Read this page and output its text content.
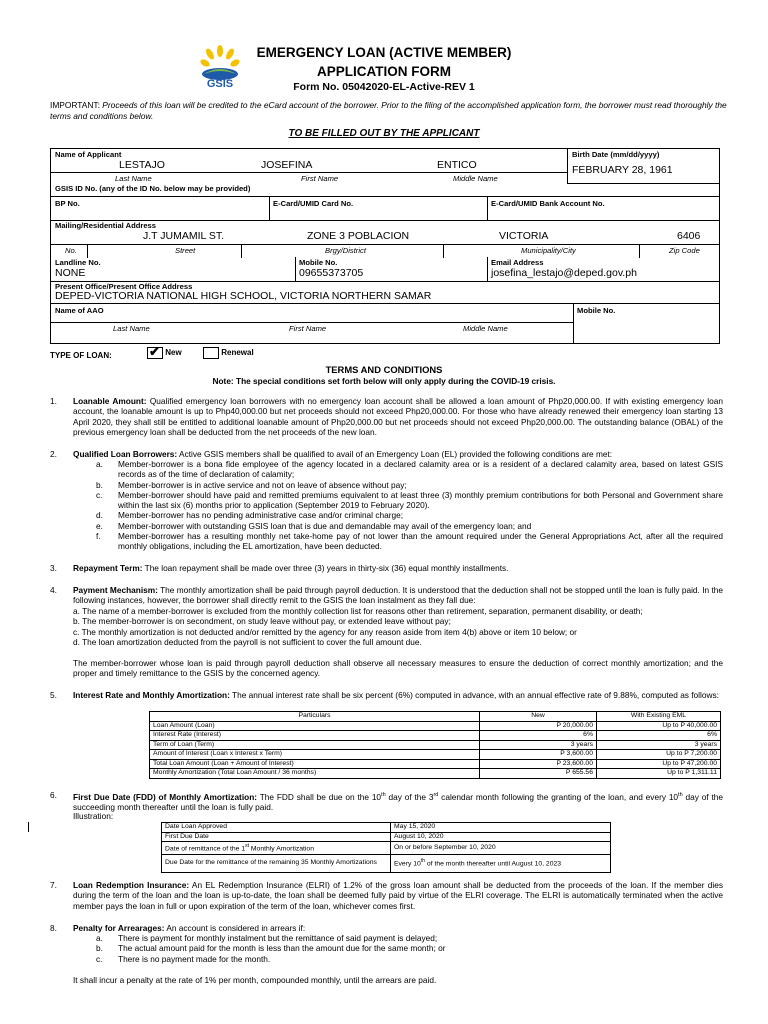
GSIS
EMERGENCY LOAN (ACTIVE MEMBER)
APPLICATION FORM
Form No. 05042020-EL-Active-REV 1
IMPORTANT: Proceeds of this loan will be credited to the eCard account of the borrower. Prior to the filing of the accomplished application form, the borrower must read thoroughly the terms and conditions below.
TO BE FILLED OUT BY THE APPLICANT
Name of Applicant
LESTAJO	JOSEFINA	ENTICO
Last Name	First Name	Middle Name
Birth Date (mm/dd/yyyy)
FEBRUARY 28, 1961
GSIS ID No. (any of the ID No. below may be provided)
BP No.	E-Card/UMID Card No.	E-Card/UMID Bank Account No.
Mailing/Residential Address
J.T JUMAMIL ST.	ZONE 3 POBLACION	VICTORIA	6406
No.	Street	Brgy/District	Municipality/City	Zip Code
Landline No.
NONE
Mobile No.
09655373705
Email Address
josefina_lestajo@deped.gov.ph
Present Office/Present Office Address
DEPED-VICTORIA NATIONAL HIGH SCHOOL, VICTORIA NORTHERN SAMAR
Name of AAO	Mobile No.
Last Name	First Name	Middle Name
TYPE OF LOAN:	✔ New	Renewal
TERMS AND CONDITIONS
Note: The special conditions set forth below will only apply during the COVID-19 crisis.
1. Loanable Amount: Qualified emergency loan borrowers with no emergency loan account shall be allowed a loan amount of Php20,000.00. If with existing emergency loan account, the loanable amount is up to Php40,000.00 but net proceeds should not exceed Php20,000.00. For those who have already renewed their emergency loan starting 13 April 2020, they shall still be entitled to additional loanable amount of Php20,000.00 but net proceeds should not exceed Php20,000.00. The outstanding balance (OBAL) of the previous emergency loan shall be deducted from the net proceeds of the new loan.
2. Qualified Loan Borrowers: Active GSIS members shall be qualified to avail of an Emergency Loan (EL) provided the following conditions are met:
a.	Member-borrower is a bona fide employee of the agency located in a declared calamity area or is a resident of a declared calamity area, based on latest GSIS records as of the time of declaration of calamity;
b.	Member-borrower is in active service and not on leave of absence without pay;
c.	Member-borrower should have paid and remitted premiums equivalent to at least three (3) monthly premium contributions for both Personal and Government share within the last six (6) months prior to application (September 2019 to February 2020).
d.	Member-borrower has no pending administrative case and/or criminal charge;
e.	Member-borrower with outstanding GSIS loan that is due and demandable may avail of the emergency loan; and
f.	Member-borrower has a resulting monthly net take-home pay of not lower than the amount required under the General Appropriations Act, after all the required monthly obligations, including the EL amortization, have been deducted.
3. Repayment Term: The loan repayment shall be made over three (3) years in thirty-six (36) equal monthly installments.
4. Payment Mechanism: The monthly amortization shall be paid through payroll deduction. It is understood that the deduction shall not be stopped until the loan is fully paid. In the following instances, however, the borrower shall directly remit to the GSIS the loan instalment as they fall due:
a. The name of a member-borrower is excluded from the monthly collection list for reasons other than retirement, separation, permanent disability, or death;
b. The member-borrower is on secondment, on study leave without pay, or extended leave without pay;
c. The monthly amortization is not deducted and/or remitted by the agency for any reason aside from item 4(b) above or item 10 below; or
d. The loan amortization deducted from the payroll is not sufficient to cover the full amount due.
The member-borrower whose loan is paid through payroll deduction shall observe all necessary measures to ensure the deduction of correct monthly amortization; and the proper and timely remittance to the GSIS by the concerned agency.
5. Interest Rate and Monthly Amortization: The annual interest rate shall be six percent (6%) computed in advance, with an annual effective rate of 9.88%, computed as follows:
Particulars	New	With Existing EML
Loan Amount (Loan)	P 20,000.00	Up to P 40,000.00
Interest Rate (Interest)	6%	6%
Term of Loan (Term)	3 years	3 years
Amount of Interest (Loan x Interest x Term)	P 3,600.00	Up to P 7,200.00
Total Loan Amount (Loan + Amount of Interest)	P 23,600.00	Up to P 47,200.00
Monthly Amortization (Total Loan Amount / 36 months)	P 655.56	Up to P 1,311.11
6. First Due Date (FDD) of Monthly Amortization: The FDD shall be due on the 10th day of the 3rd calendar month following the granting of the loan, and every 10th day of the succeeding month thereafter until the loan is fully paid.
Illustration:
Date Loan Approved	May 15, 2020
First Due Date	August 10, 2020
Date of remittance of the 1st Monthly Amortization	On or before September 10, 2020
Due Date for the remittance of the remaining 35 Monthly Amortizations	Every 10th of the month thereafter until August 10, 2023
7. Loan Redemption Insurance: An EL Redemption Insurance (ELRI) of 1.2% of the gross loan amount shall be deducted from the proceeds of the loan. If the member dies during the term of the loan and the loan is up-to-date, the loan shall be deemed fully paid by virtue of the ELRI coverage. The ELRI is automatically terminated when the active member pays the loan in full or upon expiration of the term of the loan, whichever comes first.
8. Penalty for Arrearages: An account is considered in arrears if:
a.	There is payment for monthly instalment but the remittance of said payment is delayed;
b.	The actual amount paid for the month is less than the amount due for the same month; or
c.	There is no payment made for the month.
It shall incur a penalty at the rate of 1% per month, compounded monthly, until the arrears are paid.
